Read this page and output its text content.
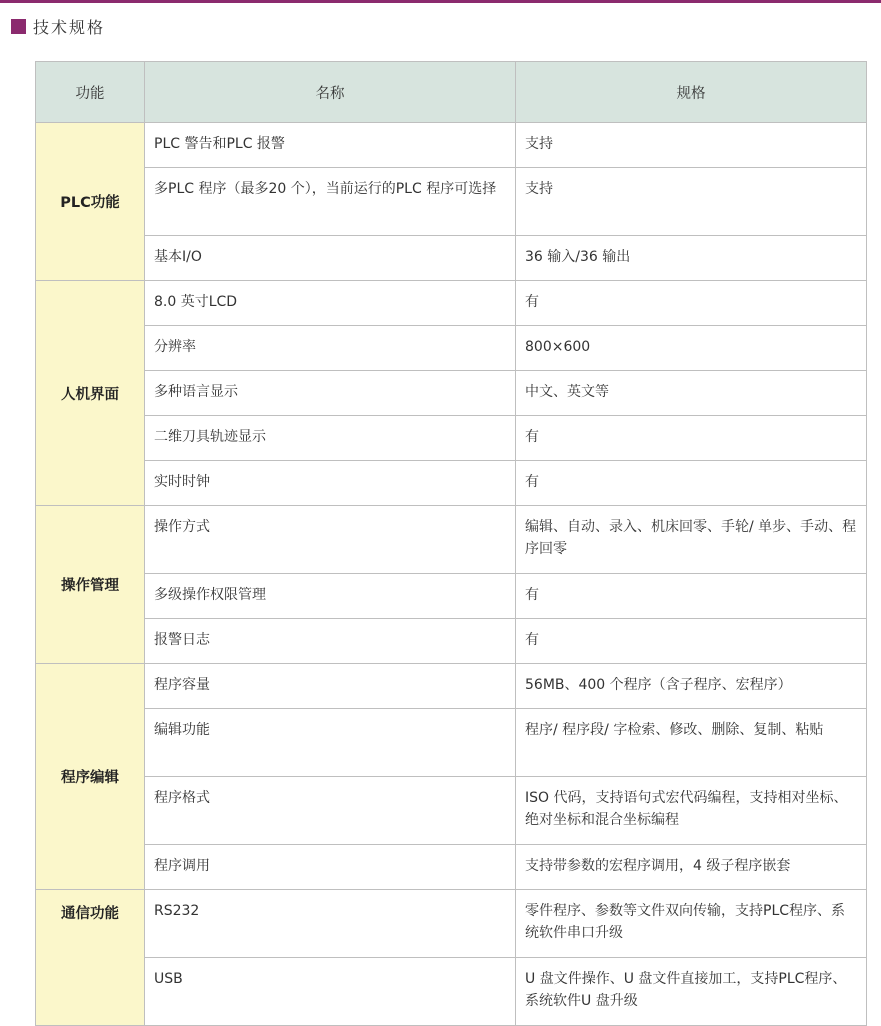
技术规格
功能	名称	规格
PLC功能	PLC 警告和PLC 报警	支持
	多PLC 程序（最多20 个），当前运行的PLC 程序可选择	支持
	基本I/O	36 输入/36 输出
人机界面	8.0 英寸LCD	有
	分辨率	800×600
	多种语言显示	中文、英文等
	二维刀具轨迹显示	有
	实时时钟	有
操作管理	操作方式	编辑、自动、录入、机床回零、手轮/ 单步、手动、程序回零
	多级操作权限管理	有
	报警日志	有
程序编辑	程序容量	56MB、400 个程序（含子程序、宏程序）
	编辑功能	程序/ 程序段/ 字检索、修改、删除、复制、粘贴
	程序格式	ISO 代码，支持语句式宏代码编程，支持相对坐标、绝对坐标和混合坐标编程
	程序调用	支持带参数的宏程序调用，4 级子程序嵌套
通信功能	RS232	零件程序、参数等文件双向传输，支持PLC程序、系统软件串口升级
	USB	U 盘文件操作、U 盘文件直接加工，支持PLC程序、系统软件U 盘升级
